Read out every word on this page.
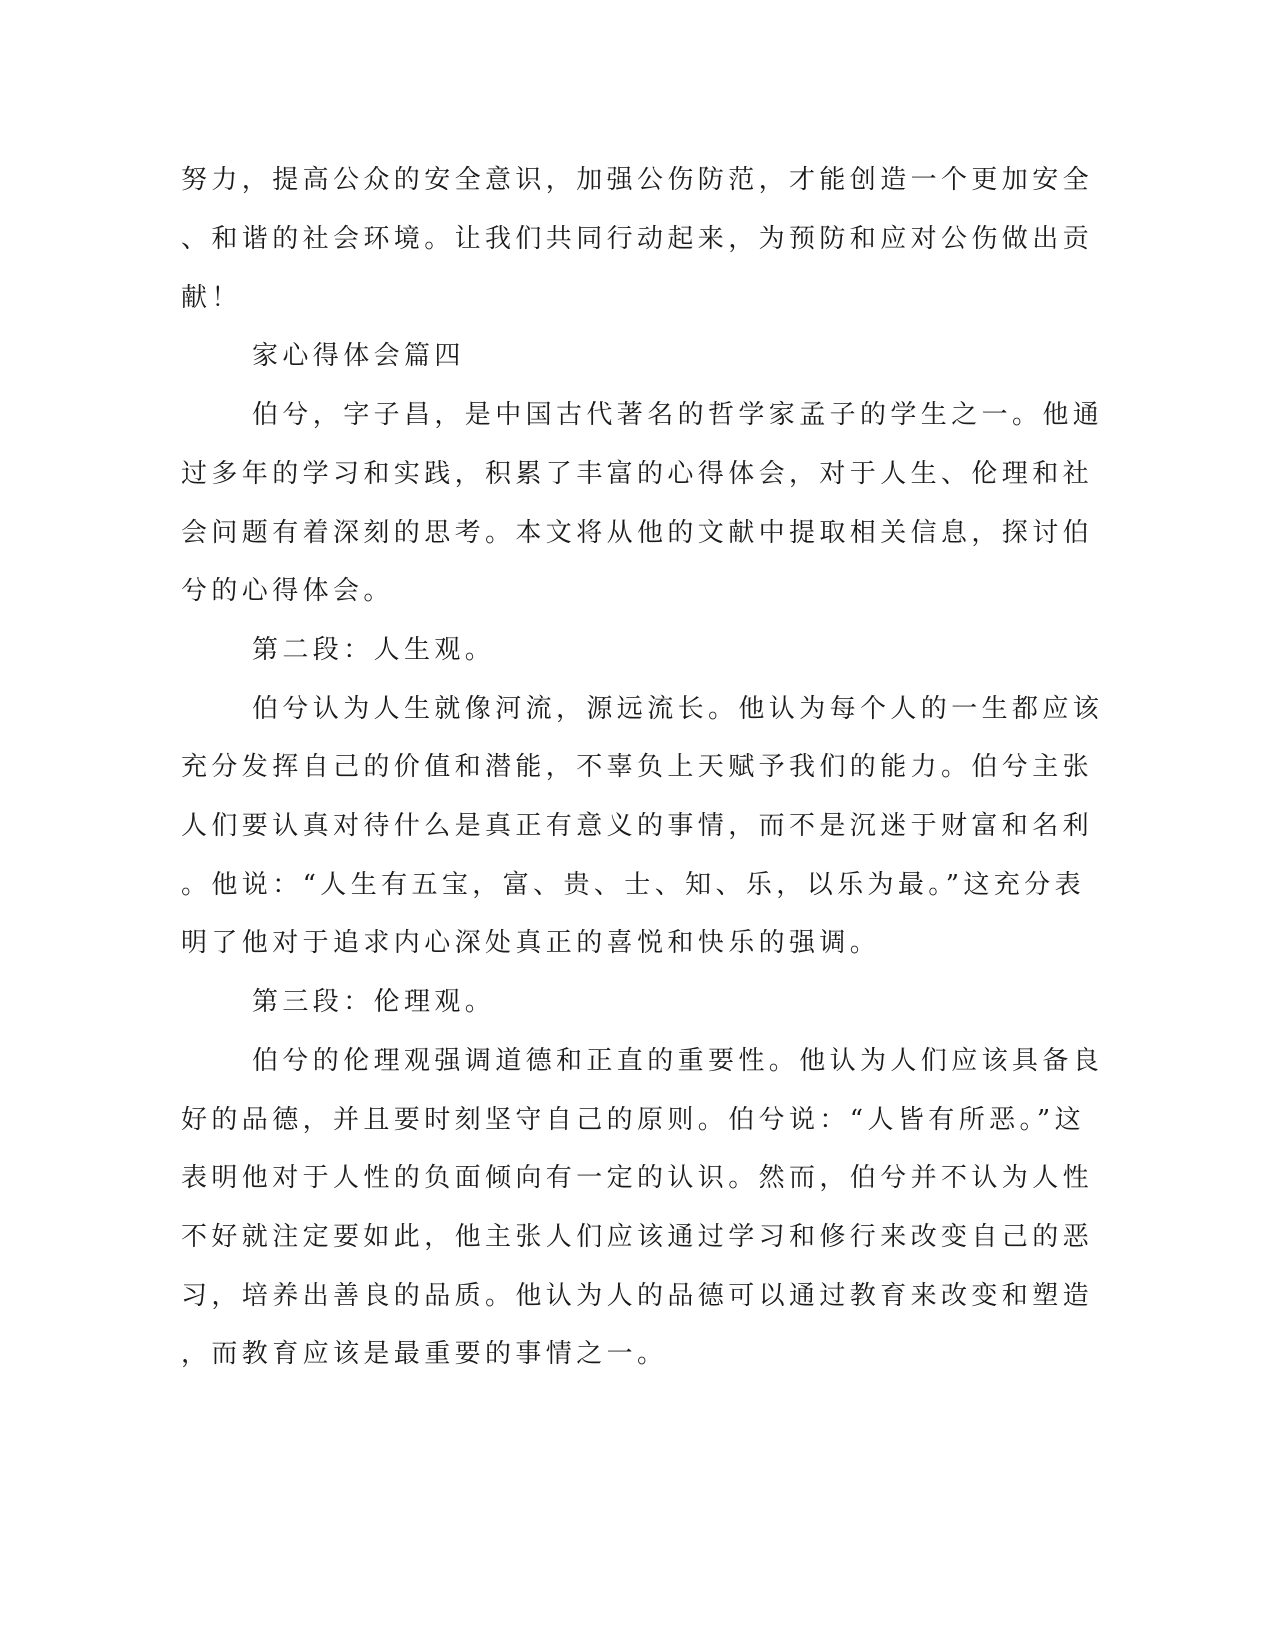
努力，提高公众的安全意识，加强公伤防范，才能创造一个更加安全
、和谐的社会环境。让我们共同行动起来，为预防和应对公伤做出贡
献！
家心得体会篇四
伯兮，字子昌，是中国古代著名的哲学家孟子的学生之一。他通
过多年的学习和实践，积累了丰富的心得体会，对于人生、伦理和社
会问题有着深刻的思考。本文将从他的文献中提取相关信息，探讨伯
兮的心得体会。
第二段：人生观。
伯兮认为人生就像河流，源远流长。他认为每个人的一生都应该
充分发挥自己的价值和潜能，不辜负上天赋予我们的能力。伯兮主张
人们要认真对待什么是真正有意义的事情，而不是沉迷于财富和名利
。他说：“人生有五宝，富、贵、士、知、乐，以乐为最。”这充分表
明了他对于追求内心深处真正的喜悦和快乐的强调。
第三段：伦理观。
伯兮的伦理观强调道德和正直的重要性。他认为人们应该具备良
好的品德，并且要时刻坚守自己的原则。伯兮说：“人皆有所恶。”这
表明他对于人性的负面倾向有一定的认识。然而，伯兮并不认为人性
不好就注定要如此，他主张人们应该通过学习和修行来改变自己的恶
习，培养出善良的品质。他认为人的品德可以通过教育来改变和塑造
，而教育应该是最重要的事情之一。
